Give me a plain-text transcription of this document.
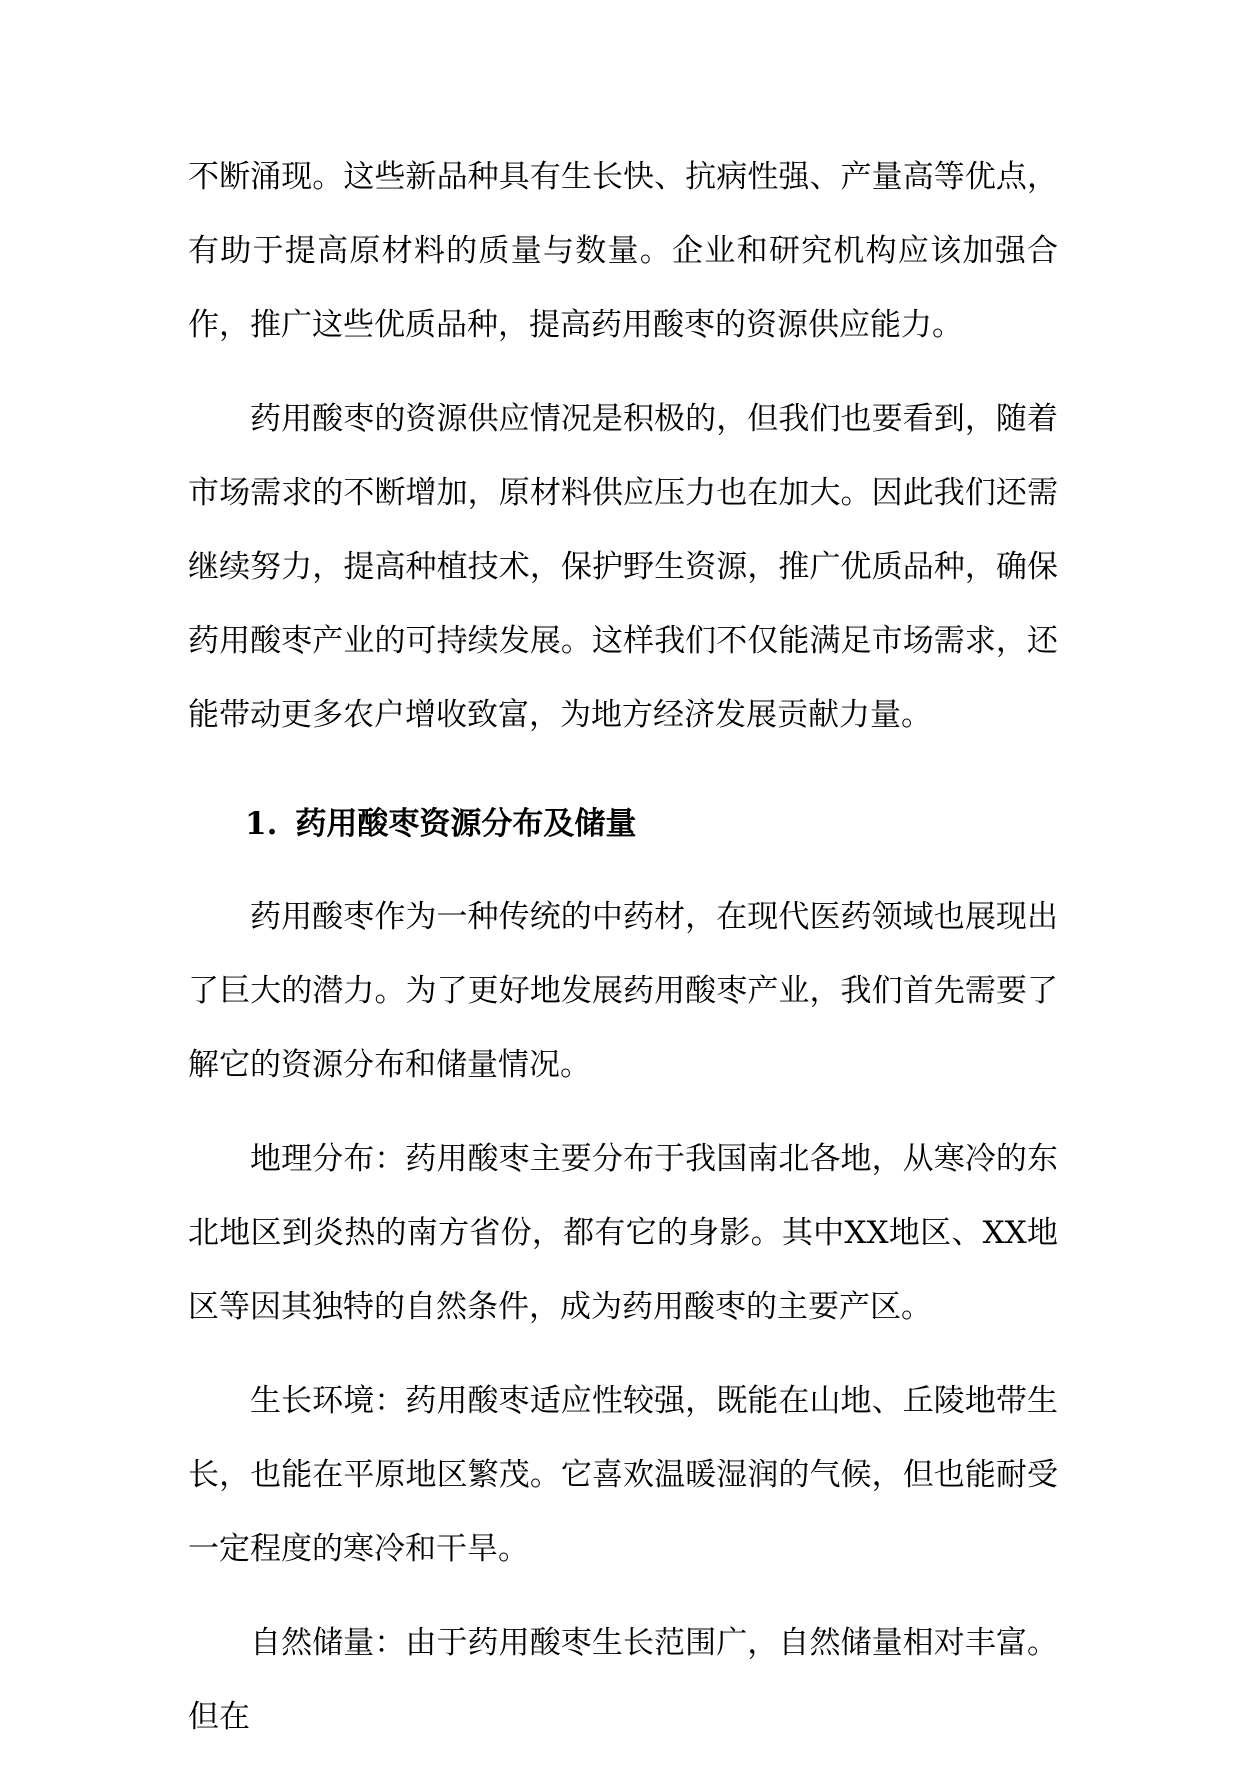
不断涌现。这些新品种具有生长快、抗病性强、产量高等优点，有助于提高原材料的质量与数量。企业和研究机构应该加强合作，推广这些优质品种，提高药用酸枣的资源供应能力。

药用酸枣的资源供应情况是积极的，但我们也要看到，随着市场需求的不断增加，原材料供应压力也在加大。因此我们还需继续努力，提高种植技术，保护野生资源，推广优质品种，确保药用酸枣产业的可持续发展。这样我们不仅能满足市场需求，还能带动更多农户增收致富，为地方经济发展贡献力量。

1. 药用酸枣资源分布及储量

药用酸枣作为一种传统的中药材，在现代医药领域也展现出了巨大的潜力。为了更好地发展药用酸枣产业，我们首先需要了解它的资源分布和储量情况。

地理分布：药用酸枣主要分布于我国南北各地，从寒冷的东北地区到炎热的南方省份，都有它的身影。其中XX地区、XX地区等因其独特的自然条件，成为药用酸枣的主要产区。

生长环境：药用酸枣适应性较强，既能在山地、丘陵地带生长，也能在平原地区繁茂。它喜欢温暖湿润的气候，但也能耐受一定程度的寒冷和干旱。

自然储量：由于药用酸枣生长范围广，自然储量相对丰富。但在
